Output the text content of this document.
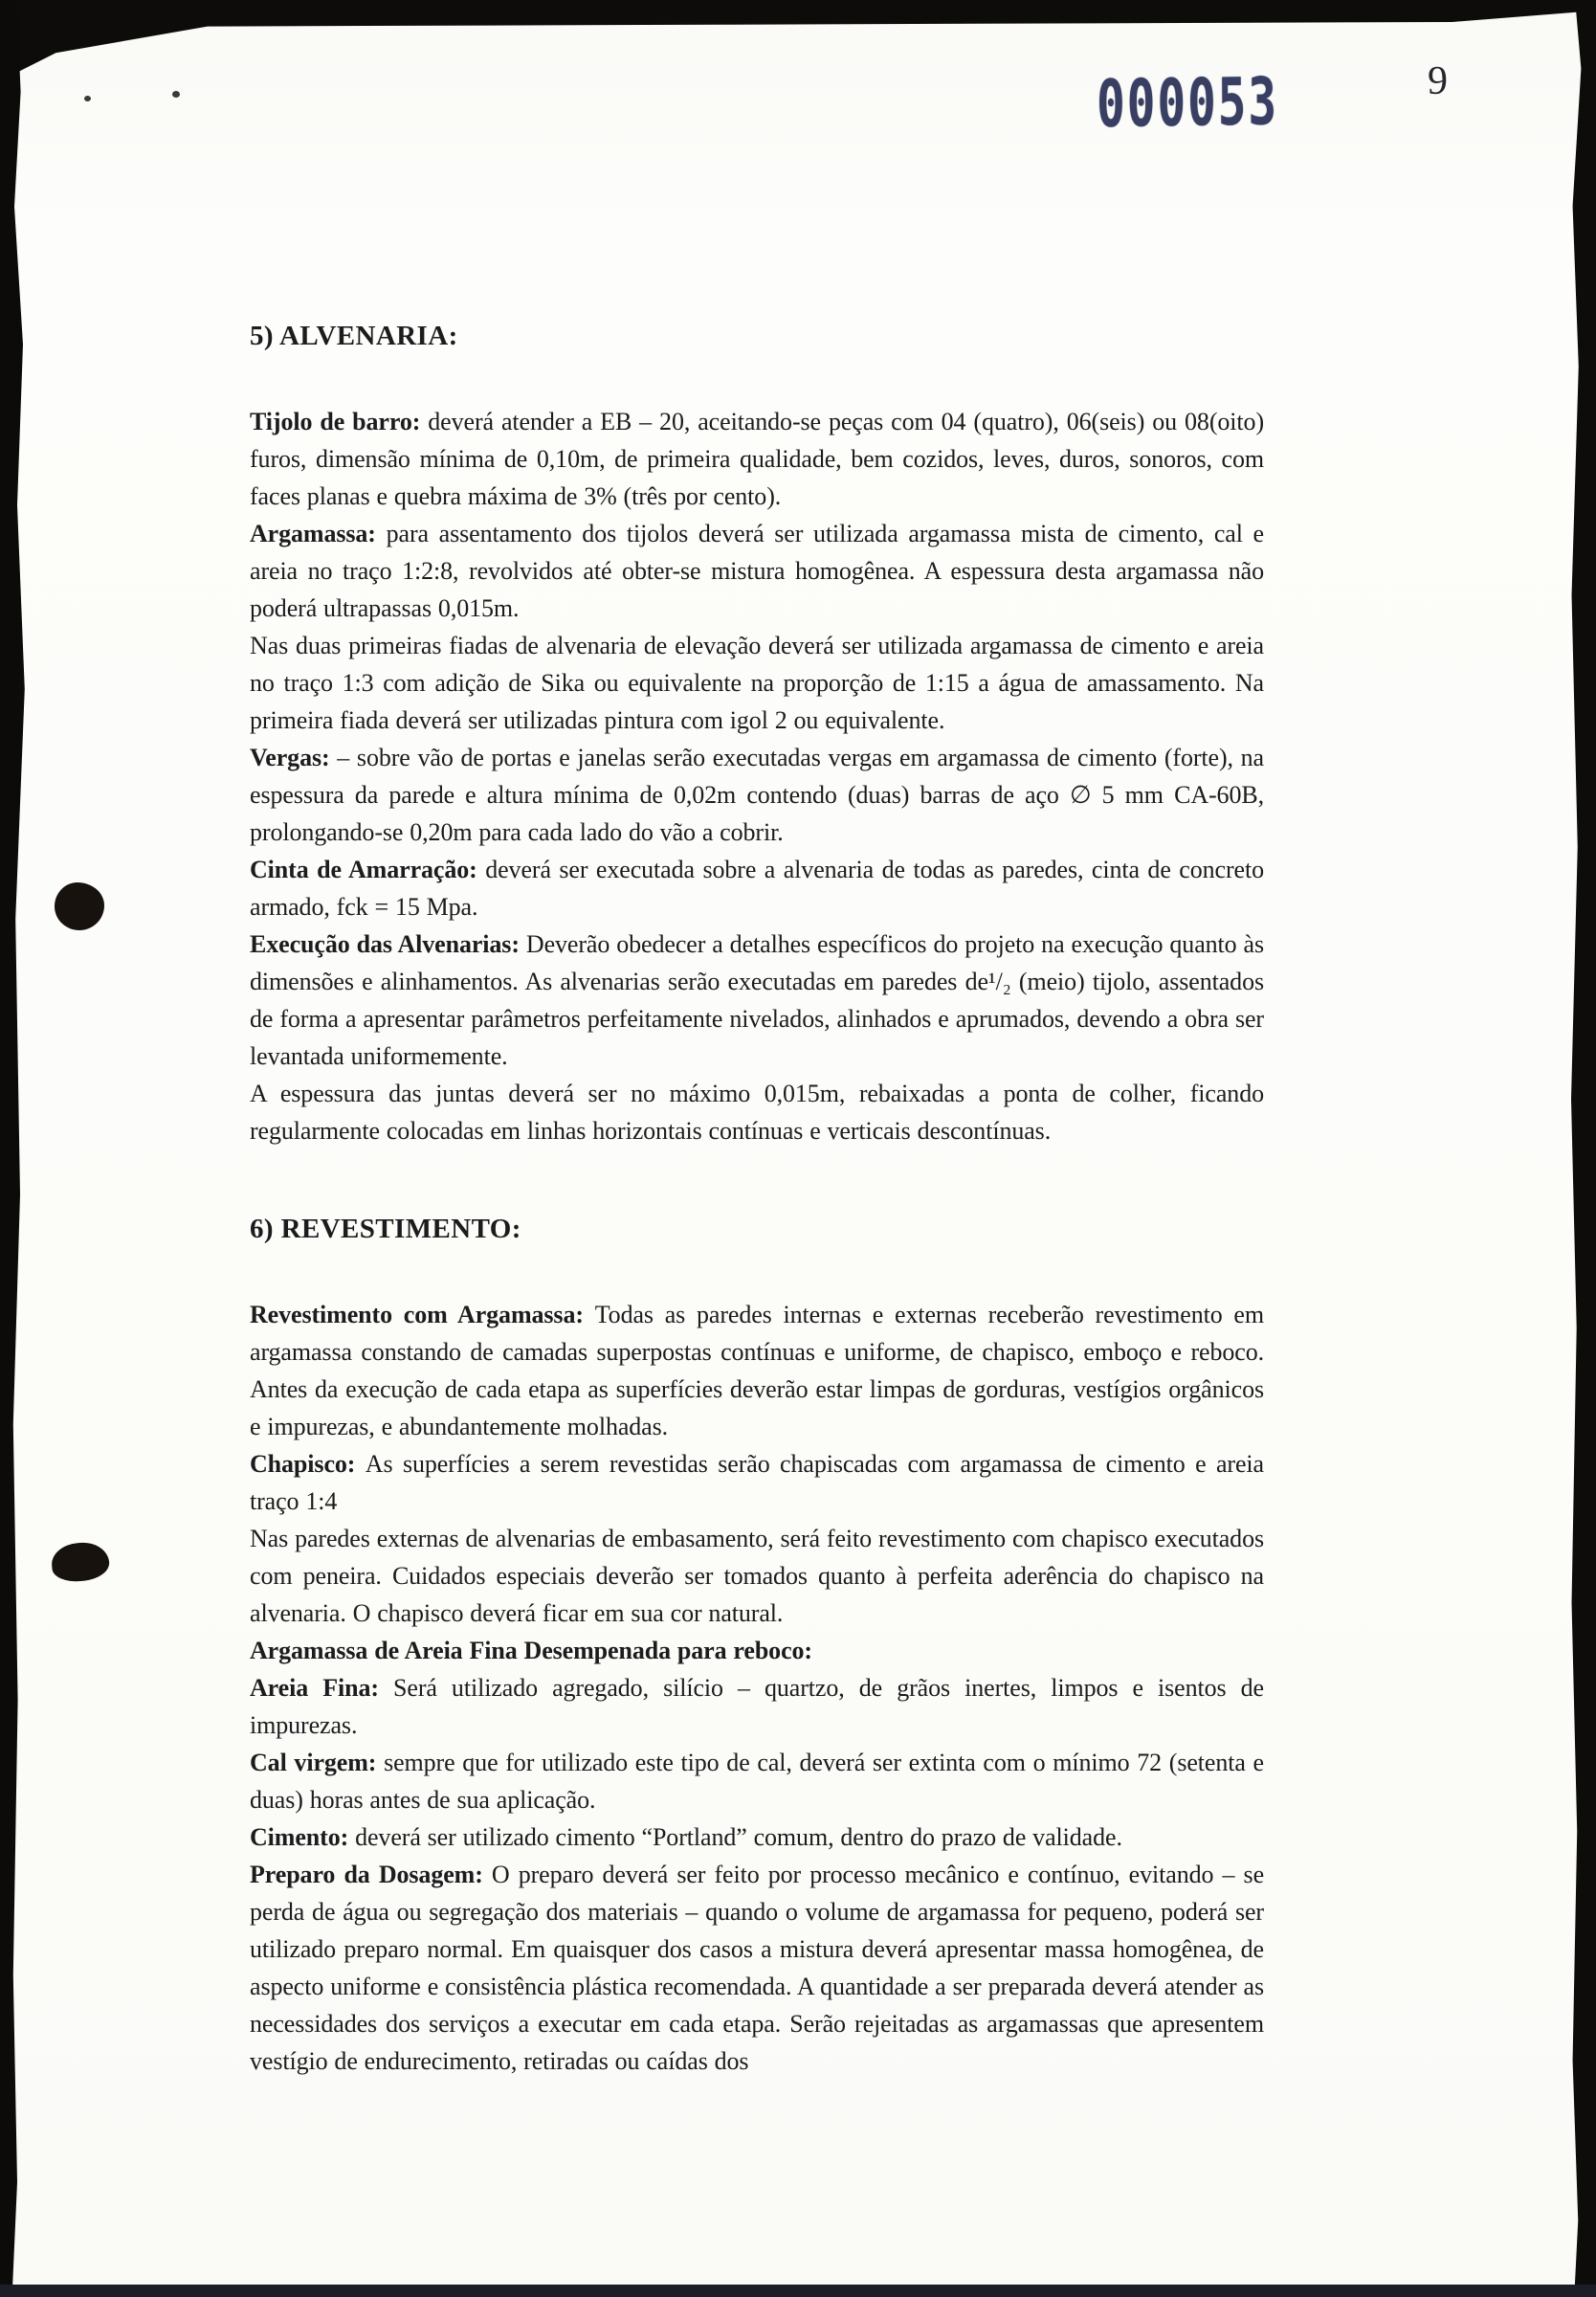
000053	9
5) ALVENARIA:

Tijolo de barro: deverá atender a EB – 20, aceitando-se peças com 04 (quatro), 06(seis) ou 08(oito) furos, dimensão mínima de 0,10m, de primeira qualidade, bem cozidos, leves, duros, sonoros, com faces planas e quebra máxima de 3% (três por cento).

Argamassa: para assentamento dos tijolos deverá ser utilizada argamassa mista de cimento, cal e areia no traço 1:2:8, revolvidos até obter-se mistura homogênea. A espessura desta argamassa não poderá ultrapassas 0,015m.

Nas duas primeiras fiadas de alvenaria de elevação deverá ser utilizada argamassa de cimento e areia no traço 1:3 com adição de Sika ou equivalente na proporção de 1:15 a água de amassamento. Na primeira fiada deverá ser utilizadas pintura com igol 2 ou equivalente.

Vergas: – sobre vão de portas e janelas serão executadas vergas em argamassa de cimento (forte), na espessura da parede e altura mínima de 0,02m contendo (duas) barras de aço ∅ 5 mm CA-60B, prolongando-se 0,20m para cada lado do vão a cobrir.

Cinta de Amarração: deverá ser executada sobre a alvenaria de todas as paredes, cinta de concreto armado, fck = 15 Mpa.

Execução das Alvenarias: Deverão obedecer a detalhes específicos do projeto na execução quanto às dimensões e alinhamentos. As alvenarias serão executadas em paredes de¹/₂ (meio) tijolo, assentados de forma a apresentar parâmetros perfeitamente nivelados, alinhados e aprumados, devendo a obra ser levantada uniformemente.

A espessura das juntas deverá ser no máximo 0,015m, rebaixadas a ponta de colher, ficando regularmente colocadas em linhas horizontais contínuas e verticais descontínuas.

6) REVESTIMENTO:

Revestimento com Argamassa: Todas as paredes internas e externas receberão revestimento em argamassa constando de camadas superpostas contínuas e uniforme, de chapisco, emboço e reboco. Antes da execução de cada etapa as superfícies deverão estar limpas de gorduras, vestígios orgânicos e impurezas, e abundantemente molhadas.

Chapisco: As superfícies a serem revestidas serão chapiscadas com argamassa de cimento e areia traço 1:4

Nas paredes externas de alvenarias de embasamento, será feito revestimento com chapisco executados com peneira. Cuidados especiais deverão ser tomados quanto à perfeita aderência do chapisco na alvenaria. O chapisco deverá ficar em sua cor natural.

Argamassa de Areia Fina Desempenada para reboco:

Areia Fina: Será utilizado agregado, silício – quartzo, de grãos inertes, limpos e isentos de impurezas.

Cal virgem: sempre que for utilizado este tipo de cal, deverá ser extinta com o mínimo 72 (setenta e duas) horas antes de sua aplicação.

Cimento: deverá ser utilizado cimento “Portland” comum, dentro do prazo de validade.

Preparo da Dosagem: O preparo deverá ser feito por processo mecânico e contínuo, evitando – se perda de água ou segregação dos materiais – quando o volume de argamassa for pequeno, poderá ser utilizado preparo normal. Em quaisquer dos casos a mistura deverá apresentar massa homogênea, de aspecto uniforme e consistência plástica recomendada. A quantidade a ser preparada deverá atender as necessidades dos serviços a executar em cada etapa. Serão rejeitadas as argamassas que apresentem vestígio de endurecimento, retiradas ou caídas dos
